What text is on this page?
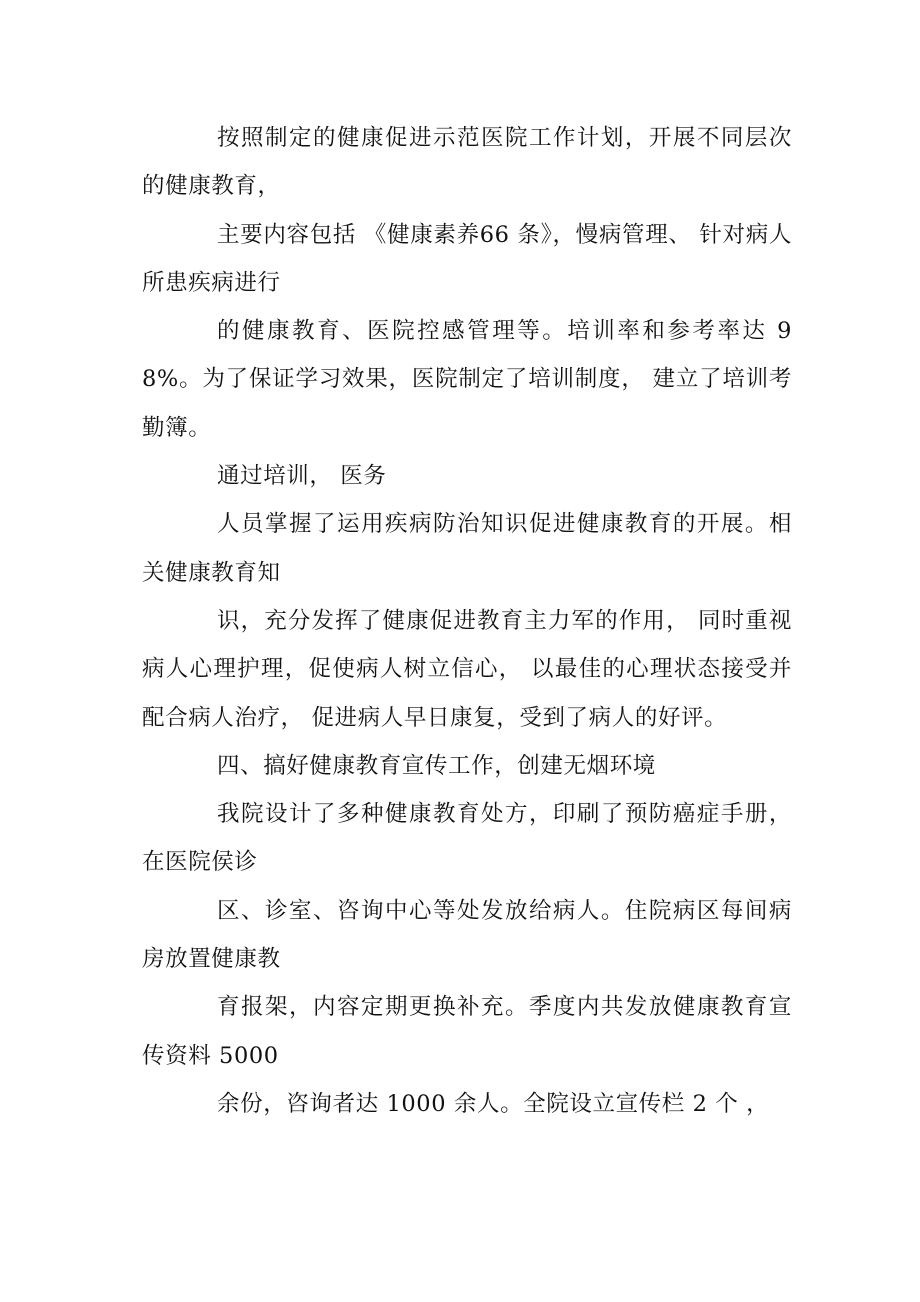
按照制定的健康促进示范医院工作计划，开展不同层次的健康教育，

主要内容包括 《健康素养66 条》，慢病管理、 针对病人所患疾病进行

的健康教育、医院控感管理等。培训率和参考率达 98%。为了保证学习效果，医院制定了培训制度， 建立了培训考勤簿。

通过培训， 医务

人员掌握了运用疾病防治知识促进健康教育的开展。相关健康教育知

识，充分发挥了健康促进教育主力军的作用， 同时重视病人心理护理，促使病人树立信心， 以最佳的心理状态接受并配合病人治疗， 促进病人早日康复，受到了病人的好评。

四、搞好健康教育宣传工作，创建无烟环境

我院设计了多种健康教育处方，印刷了预防癌症手册，在医院侯诊

区、诊室、咨询中心等处发放给病人。住院病区每间病房放置健康教

育报架，内容定期更换补充。季度内共发放健康教育宣传资料 5000

余份，咨询者达 1000 余人。全院设立宣传栏 2 个 ，
